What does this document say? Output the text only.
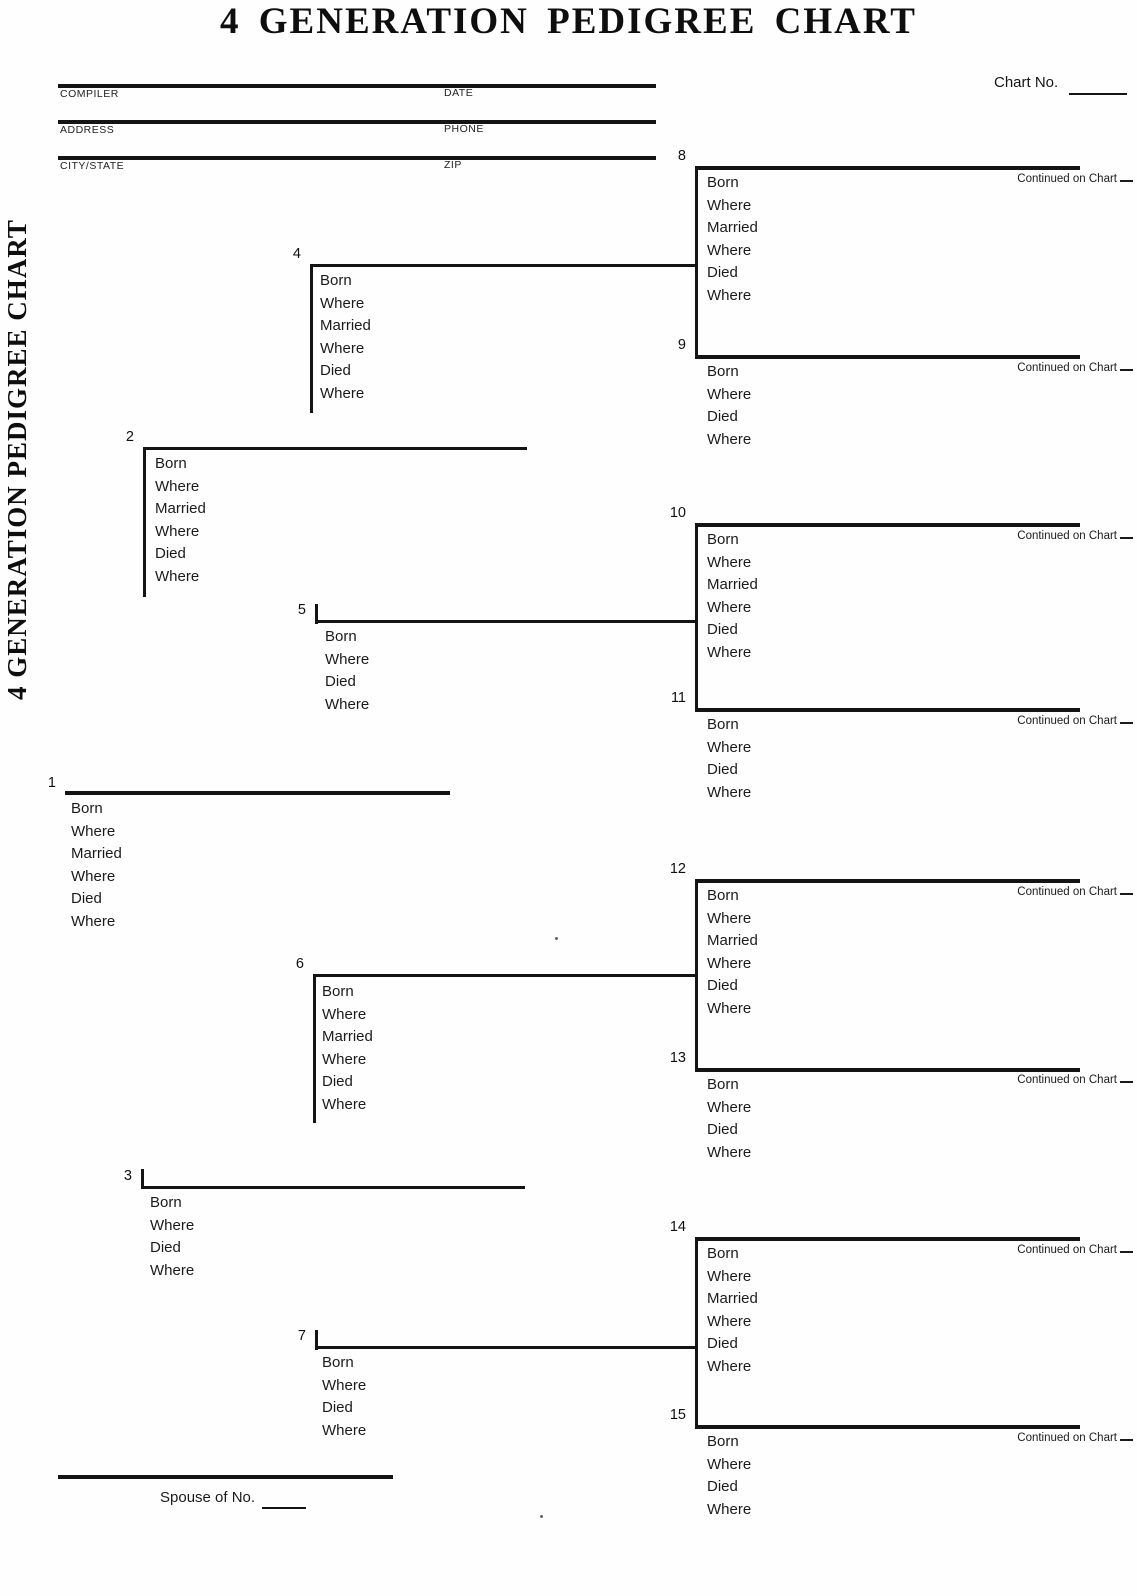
4 GENERATION PEDIGREE CHART
4 GENERATION PEDIGREE CHART
Chart No.
COMPILER	DATE
ADDRESS	PHONE
CITY/STATE	ZIP
1
Born
Where
Married
Where
Died
Where
2
Born
Where
Married
Where
Died
Where
3
Born
Where
Died
Where
4
Born
Where
Married
Where
Died
Where
5
Born
Where
Died
Where
6
Born
Where
Married
Where
Died
Where
7
Born
Where
Died
Where
8
Continued on Chart
Born
Where
Married
Where
Died
Where
9
Continued on Chart
Born
Where
Died
Where
10
Continued on Chart
Born
Where
Married
Where
Died
Where
11
Continued on Chart
Born
Where
Died
Where
12
Continued on Chart
Born
Where
Married
Where
Died
Where
13
Continued on Chart
Born
Where
Died
Where
14
Continued on Chart
Born
Where
Married
Where
Died
Where
15
Continued on Chart
Born
Where
Died
Where
Spouse of No.
